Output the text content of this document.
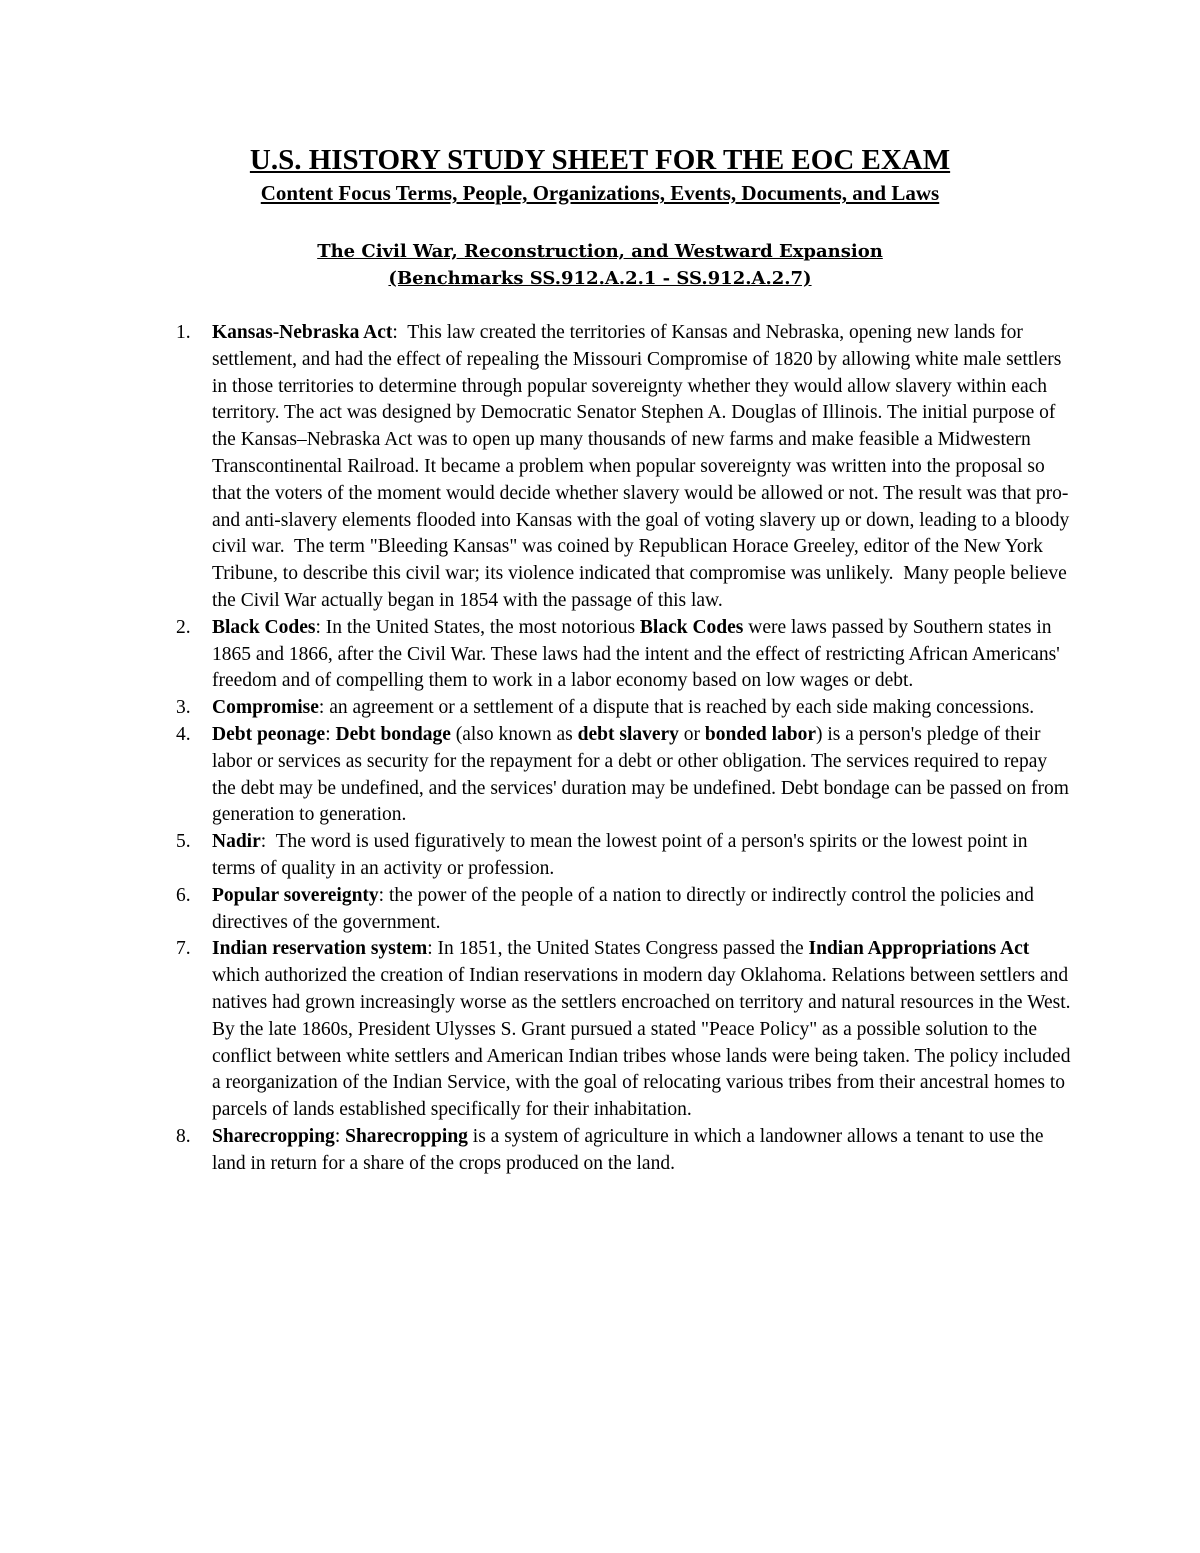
U.S. HISTORY STUDY SHEET FOR THE EOC EXAM
Content Focus Terms, People, Organizations, Events, Documents, and Laws
The Civil War, Reconstruction, and Westward Expansion
(Benchmarks SS.912.A.2.1 - SS.912.A.2.7)
1.	Kansas-Nebraska Act:  This law created the territories of Kansas and Nebraska, opening new lands for settlement, and had the effect of repealing the Missouri Compromise of 1820 by allowing white male settlers in those territories to determine through popular sovereignty whether they would allow slavery within each territory. The act was designed by Democratic Senator Stephen A. Douglas of Illinois. The initial purpose of the Kansas–Nebraska Act was to open up many thousands of new farms and make feasible a Midwestern Transcontinental Railroad. It became a problem when popular sovereignty was written into the proposal so that the voters of the moment would decide whether slavery would be allowed or not. The result was that pro- and anti-slavery elements flooded into Kansas with the goal of voting slavery up or down, leading to a bloody civil war.  The term "Bleeding Kansas" was coined by Republican Horace Greeley, editor of the New York Tribune, to describe this civil war; its violence indicated that compromise was unlikely.  Many people believe the Civil War actually began in 1854 with the passage of this law.
2.	Black Codes: In the United States, the most notorious Black Codes were laws passed by Southern states in 1865 and 1866, after the Civil War. These laws had the intent and the effect of restricting African Americans' freedom and of compelling them to work in a labor economy based on low wages or debt.
3.	Compromise: an agreement or a settlement of a dispute that is reached by each side making concessions.
4.	Debt peonage: Debt bondage (also known as debt slavery or bonded labor) is a person's pledge of their labor or services as security for the repayment for a debt or other obligation. The services required to repay the debt may be undefined, and the services' duration may be undefined. Debt bondage can be passed on from generation to generation.
5.	Nadir:  The word is used figuratively to mean the lowest point of a person's spirits or the lowest point in terms of quality in an activity or profession.
6.	Popular sovereignty: the power of the people of a nation to directly or indirectly control the policies and directives of the government.
7.	Indian reservation system: In 1851, the United States Congress passed the Indian Appropriations Act which authorized the creation of Indian reservations in modern day Oklahoma. Relations between settlers and natives had grown increasingly worse as the settlers encroached on territory and natural resources in the West.  By the late 1860s, President Ulysses S. Grant pursued a stated "Peace Policy" as a possible solution to the conflict between white settlers and American Indian tribes whose lands were being taken. The policy included a reorganization of the Indian Service, with the goal of relocating various tribes from their ancestral homes to parcels of lands established specifically for their inhabitation.
8.	Sharecropping: Sharecropping is a system of agriculture in which a landowner allows a tenant to use the land in return for a share of the crops produced on the land.
